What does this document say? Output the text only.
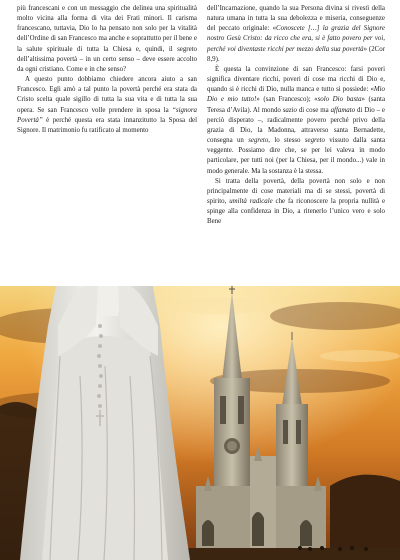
più francescani e con un messaggio che delinea una spiritualità molto vicina alla forma di vita dei Frati minori. Il carisma francescano, tuttavia, Dio lo ha pensato non solo per la vitalità dell’Ordine di san Francesco ma anche e soprattutto per il bene e la salute spirituale di tutta la Chiesa e, quindi, il segreto dell’altissima povertà – in un certo senso – deve essere accolto da ogni cristiano. Come e in che senso?

A questo punto dobbiamo chiedere ancora aiuto a san Francesco. Egli amò a tal punto la povertà perché era stata da Cristo scelta quale sigillo di tutta la sua vita e di tutta la sua opera. Se san Francesco volle prendere in sposa la “signora Povertà” è perché questa era stata innanzitutto la Sposa del Signore. Il matrimonio fu ratificato al momento

dell’Incarnazione, quando la sua Persona divina si rivestì della natura umana in tutta la sua debolezza e miseria, conseguenze del peccato originale: «Conoscete […] la grazia del Signore nostro Gesù Cristo: da ricco che era, si è fatto povero per voi, perché voi diventaste ricchi per mezzo della sua povertà» (2Cor 8,9).

È questa la convinzione di san Francesco: farsi poveri significa diventare ricchi, poveri di cose ma ricchi di Dio e, quando si è ricchi di Dio, nulla manca e tutto si possiede: «Mio Dio e mio tutto!» (san Francesco); «solo Dio basta» (santa Teresa d’Avila). Al mondo sazio di cose ma affamato di Dio – e perciò disperato –, radicalmente povero perché privo della grazia di Dio, la Madonna, attraverso santa Bernadette, consegna un segreto, lo stesso segreto vissuto dalla santa veggente. Possiamo dire che, se per lei valeva in modo particolare, per tutti noi (per la Chiesa, per il mondo...) vale in modo generale. Ma la sostanza è la stessa.

Si tratta della povertà, della povertà non solo e non principalmente di cose materiali ma di se stessi, povertà di spirito, umiltà radicale che fa riconoscere la propria nullità e spinge alla confidenza in Dio, a ritenerlo l’unico vero e solo Bene
